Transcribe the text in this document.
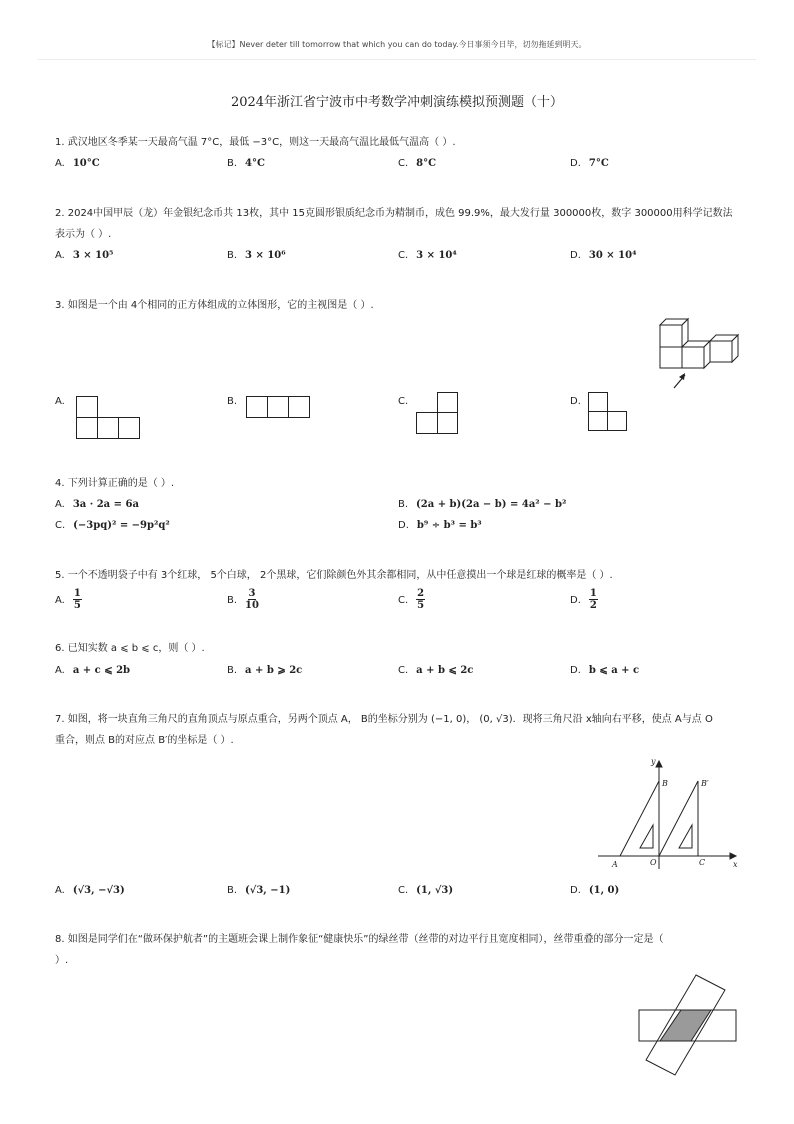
【标记】Never deter till tomorrow that which you can do today.今日事须今日毕，切勿拖延到明天。
2024年浙江省宁波市中考数学冲刺演练模拟预测题（十）
1. 武汉地区冬季某一天最高气温 7°C，最低 −3°C，则这一天最高气温比最低气温高（ ）.
A. 10°C	B. 4°C	C. 8°C	D. 7°C
2. 2024中国甲辰（龙）年金银纪念币共 13枚，其中 15克圆形银质纪念币为精制币，成色 99.9%，最大发行量 300000枚，数字 300000用科学记数法
表示为（ ）.
A. 3 × 10⁵	B. 3 × 10⁶	C. 3 × 10⁴	D. 30 × 10⁴
3. 如图是一个由 4个相同的正方体组成的立体图形，它的主视图是（ ）.
A.	B.	C.	D.
4. 下列计算正确的是（ ）.
A. 3a · 2a = 6a	B. (2a + b)(2a − b) = 4a² − b²
C. (−3pq)² = −9p²q²	D. b⁹ ÷ b³ = b³
5. 一个不透明袋子中有 3个红球， 5个白球， 2个黑球，它们除颜色外其余都相同，从中任意摸出一个球是红球的概率是（ ）.
A. $\frac{1}{5}$	B. $\frac{3}{10}$	C. $\frac{2}{5}$	D. $\frac{1}{2}$
6. 已知实数 a ⩽ b ⩽ c，则（ ）.
A. a + c ⩽ 2b	B. a + b ⩾ 2c	C. a + b ⩽ 2c	D. b ⩽ a + c
7. 如图，将一块直角三角尺的直角顶点与原点重合，另两个顶点 A， B的坐标分别为 (−1, 0)， (0, √3)．现将三角尺沿 x轴向右平移，使点 A与点 O
重合，则点 B的对应点 B′的坐标是（ ）.
y
x
B	B′
A	O	C
A. (√3, −√3)	B. (√3, −1)	C. (1, √3)	D. (1, 0)
8. 如图是同学们在“做环保护航者”的主题班会课上制作象征“健康快乐”的绿丝带（丝带的对边平行且宽度相同），丝带重叠的部分一定是（
）.
